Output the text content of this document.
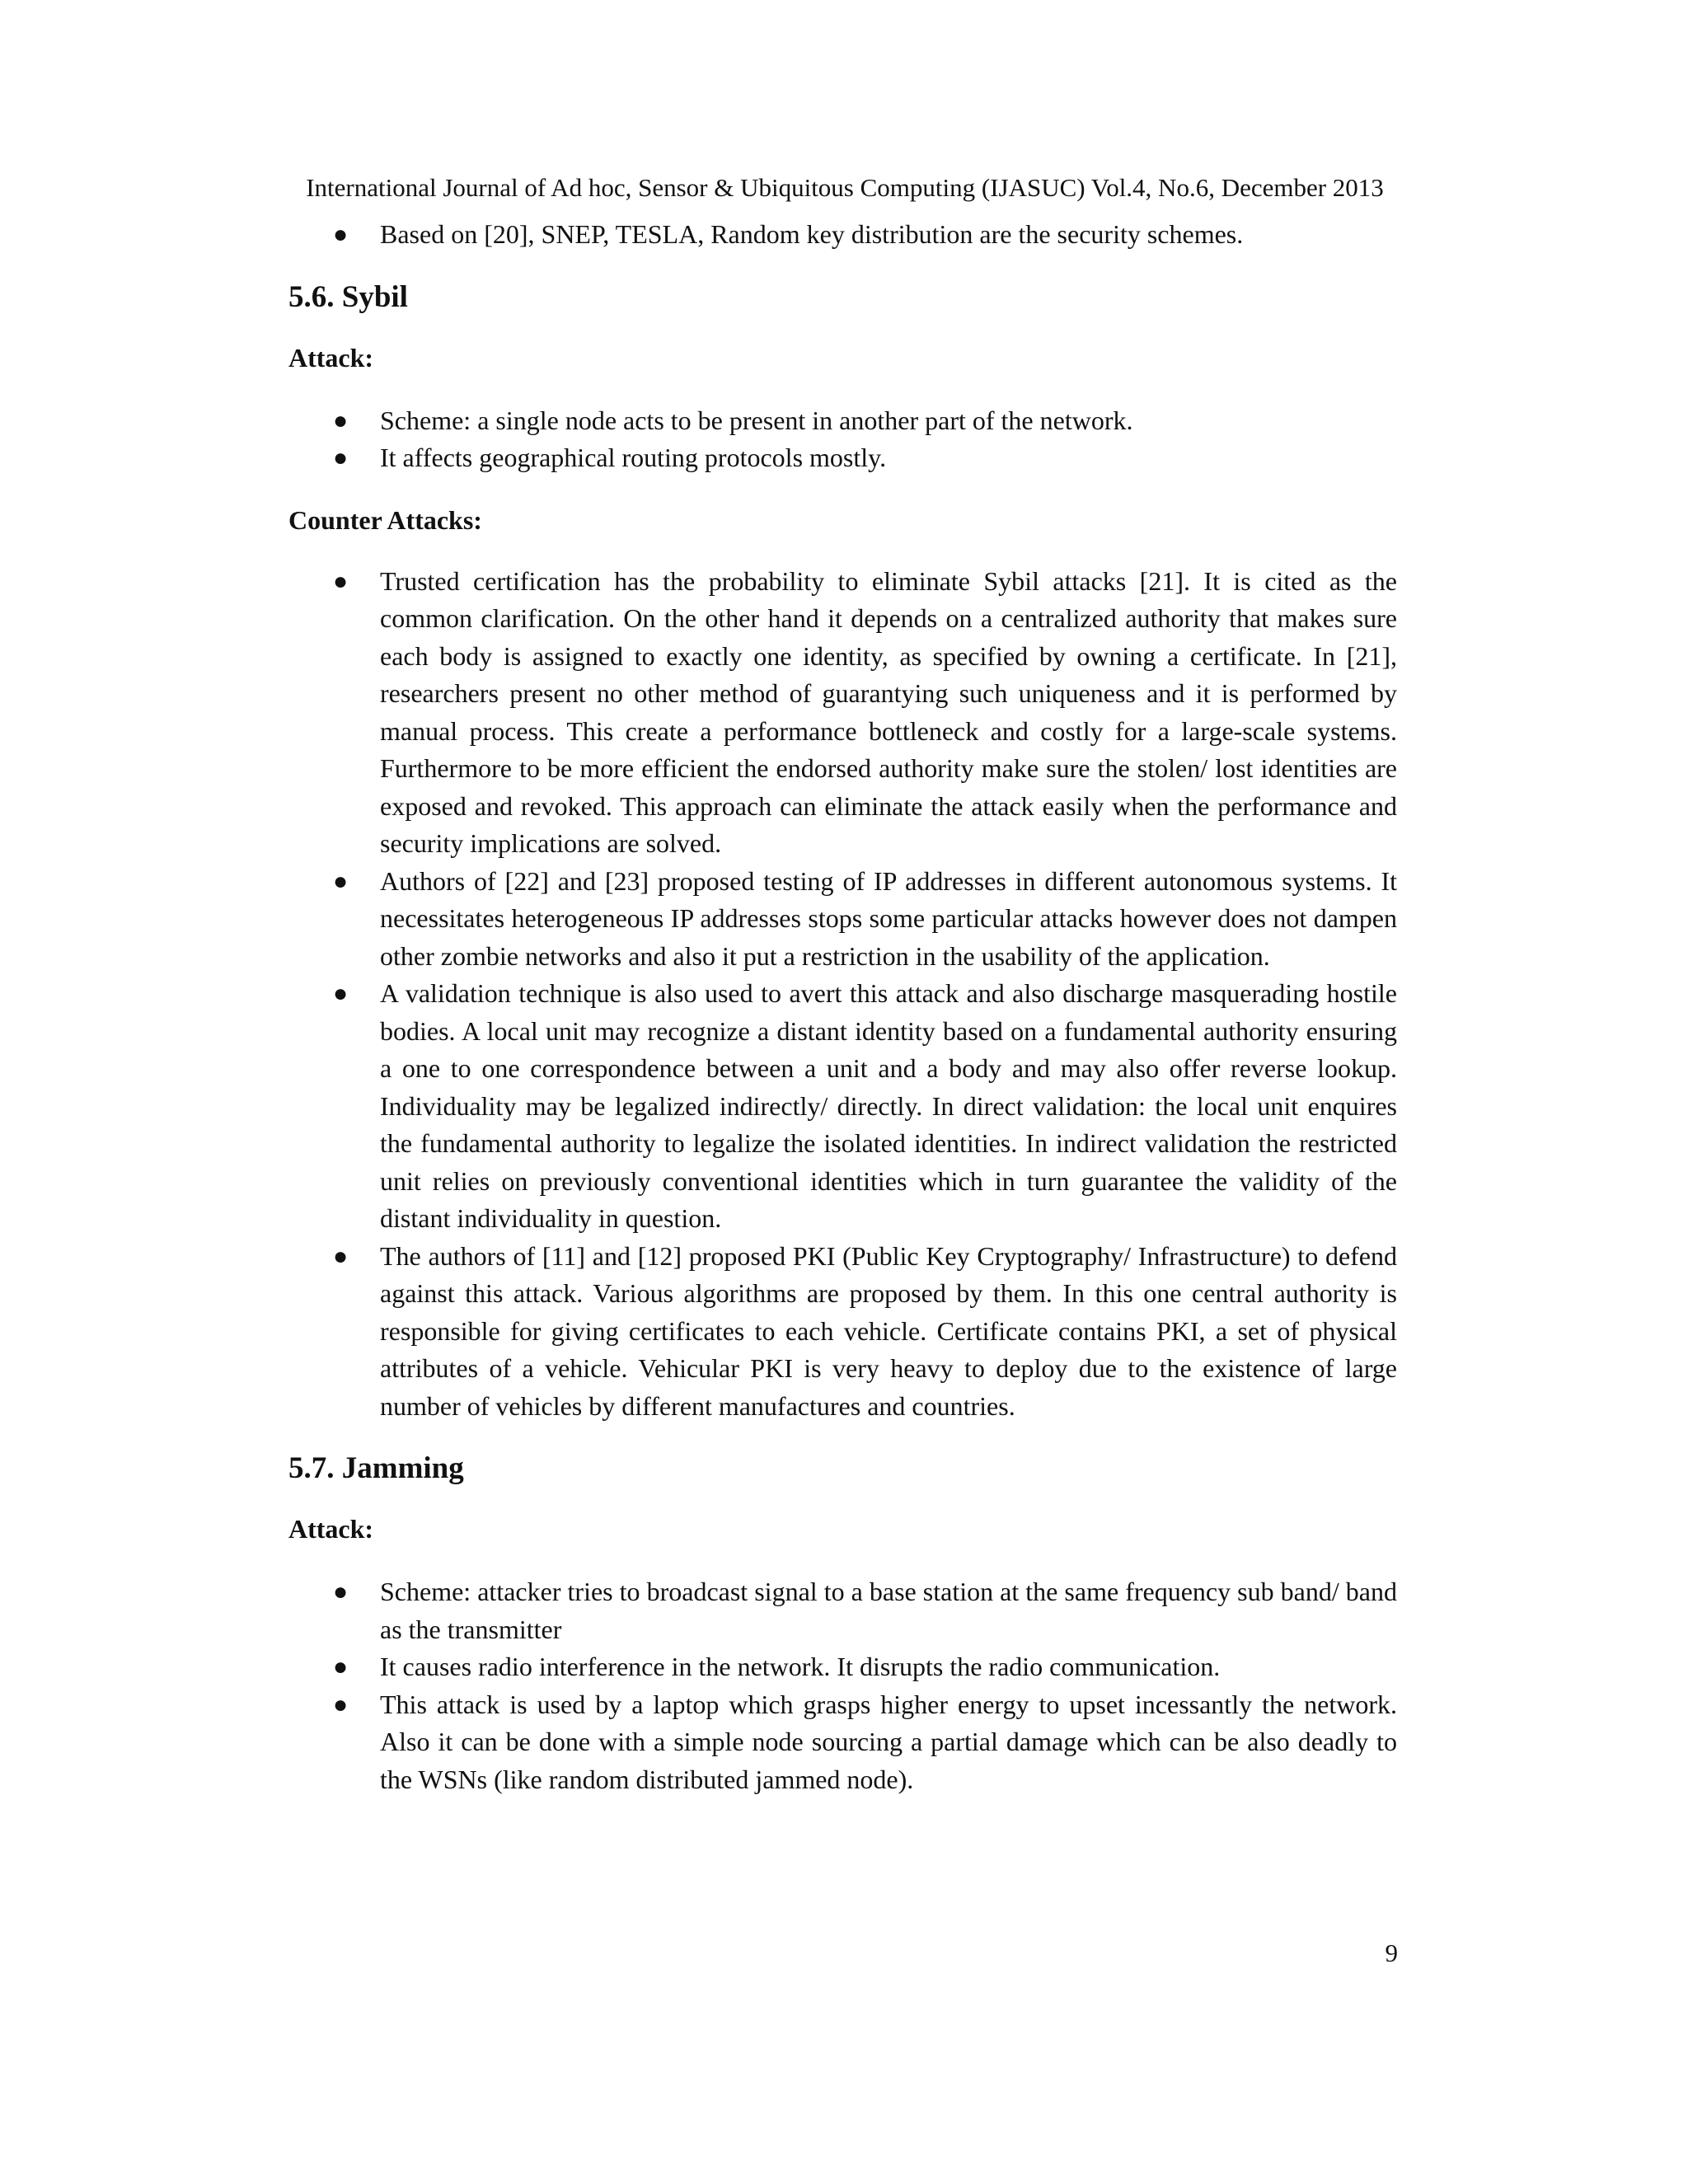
International Journal of Ad hoc, Sensor & Ubiquitous Computing (IJASUC) Vol.4, No.6, December 2013
● Based on [20], SNEP, TESLA, Random key distribution are the security schemes.
5.6. Sybil
Attack:
● Scheme: a single node acts to be present in another part of the network.
● It affects geographical routing protocols mostly.
Counter Attacks:
● Trusted certification has the probability to eliminate Sybil attacks [21]. It is cited as the common clarification. On the other hand it depends on a centralized authority that makes sure each body is assigned to exactly one identity, as specified by owning a certificate. In [21], researchers present no other method of guarantying such uniqueness and it is performed by manual process. This create a performance bottleneck and costly for a large-scale systems. Furthermore to be more efficient the endorsed authority make sure the stolen/ lost identities are exposed and revoked. This approach can eliminate the attack easily when the performance and security implications are solved.
● Authors of [22] and [23] proposed testing of IP addresses in different autonomous systems. It necessitates heterogeneous IP addresses stops some particular attacks however does not dampen other zombie networks and also it put a restriction in the usability of the application.
● A validation technique is also used to avert this attack and also discharge masquerading hostile bodies. A local unit may recognize a distant identity based on a fundamental authority ensuring a one to one correspondence between a unit and a body and may also offer reverse lookup. Individuality may be legalized indirectly/ directly. In direct validation: the local unit enquires the fundamental authority to legalize the isolated identities. In indirect validation the restricted unit relies on previously conventional identities which in turn guarantee the validity of the distant individuality in question.
● The authors of [11] and [12] proposed PKI (Public Key Cryptography/ Infrastructure) to defend against this attack. Various algorithms are proposed by them. In this one central authority is responsible for giving certificates to each vehicle. Certificate contains PKI, a set of physical attributes of a vehicle. Vehicular PKI is very heavy to deploy due to the existence of large number of vehicles by different manufactures and countries.
5.7. Jamming
Attack:
● Scheme: attacker tries to broadcast signal to a base station at the same frequency sub band/ band as the transmitter
● It causes radio interference in the network. It disrupts the radio communication.
● This attack is used by a laptop which grasps higher energy to upset incessantly the network. Also it can be done with a simple node sourcing a partial damage which can be also deadly to the WSNs (like random distributed jammed node).
9
